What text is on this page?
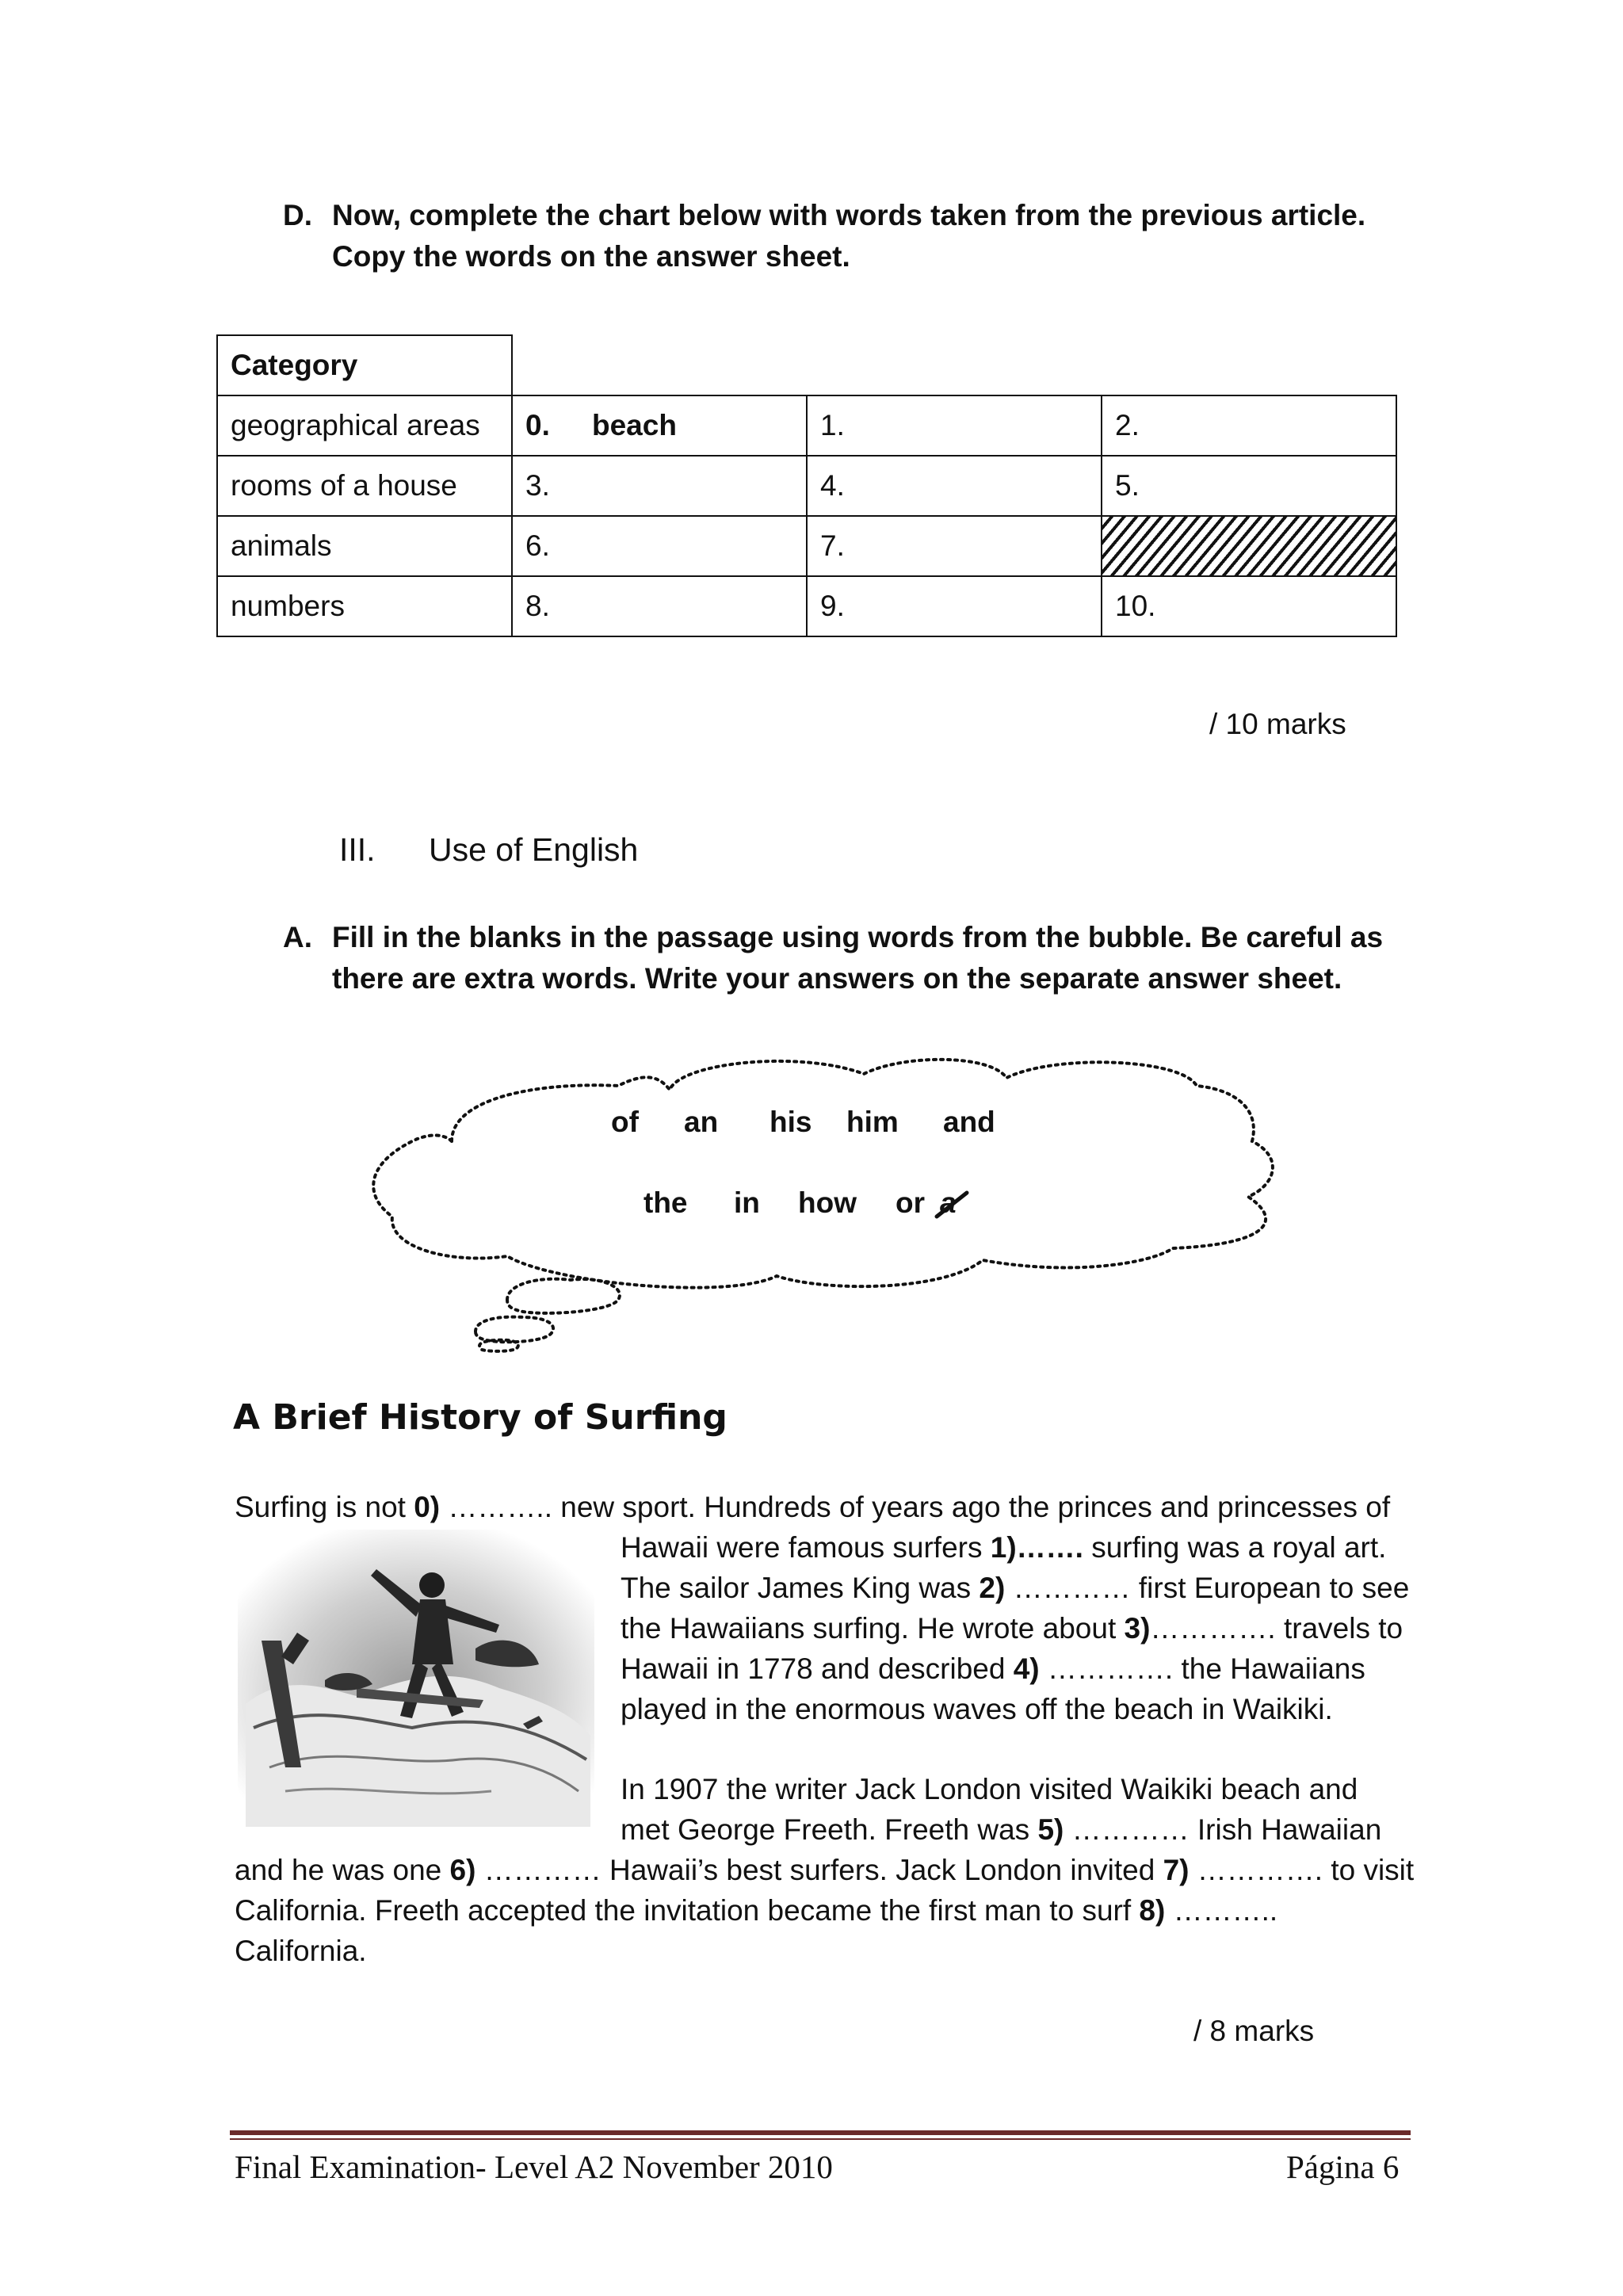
D. Now, complete the chart below with words taken from the previous article.
Copy the words on the answer sheet.
Category			
geographical areas	0. beach	1.	2.
rooms of a house	3.	4.	5.
animals	6.	7.	
numbers	8.	9.	10.
/ 10 marks
III. Use of English
A. Fill in the blanks in the passage using words from the bubble. Be careful as
there are extra words. Write your answers on the separate answer sheet.
of an his him and
the in how or a
A Brief History of Surfing
Surfing is not 0) ……….. new sport. Hundreds of years ago the princes and princesses of
Hawaii were famous surfers 1)……. surfing was a royal art.
The sailor James King was 2) ………… first European to see
the Hawaiians surfing. He wrote about 3)…………. travels to
Hawaii in 1778 and described 4) …………. the Hawaiians
played in the enormous waves off the beach in Waikiki.
In 1907 the writer Jack London visited Waikiki beach and
met George Freeth. Freeth was 5) ………… Irish Hawaiian
and he was one 6) ………… Hawaii’s best surfers. Jack London invited 7) …………. to visit
California. Freeth accepted the invitation became the first man to surf 8) ………..
California.
/ 8 marks
Final Examination- Level A2 November 2010	Página 6
